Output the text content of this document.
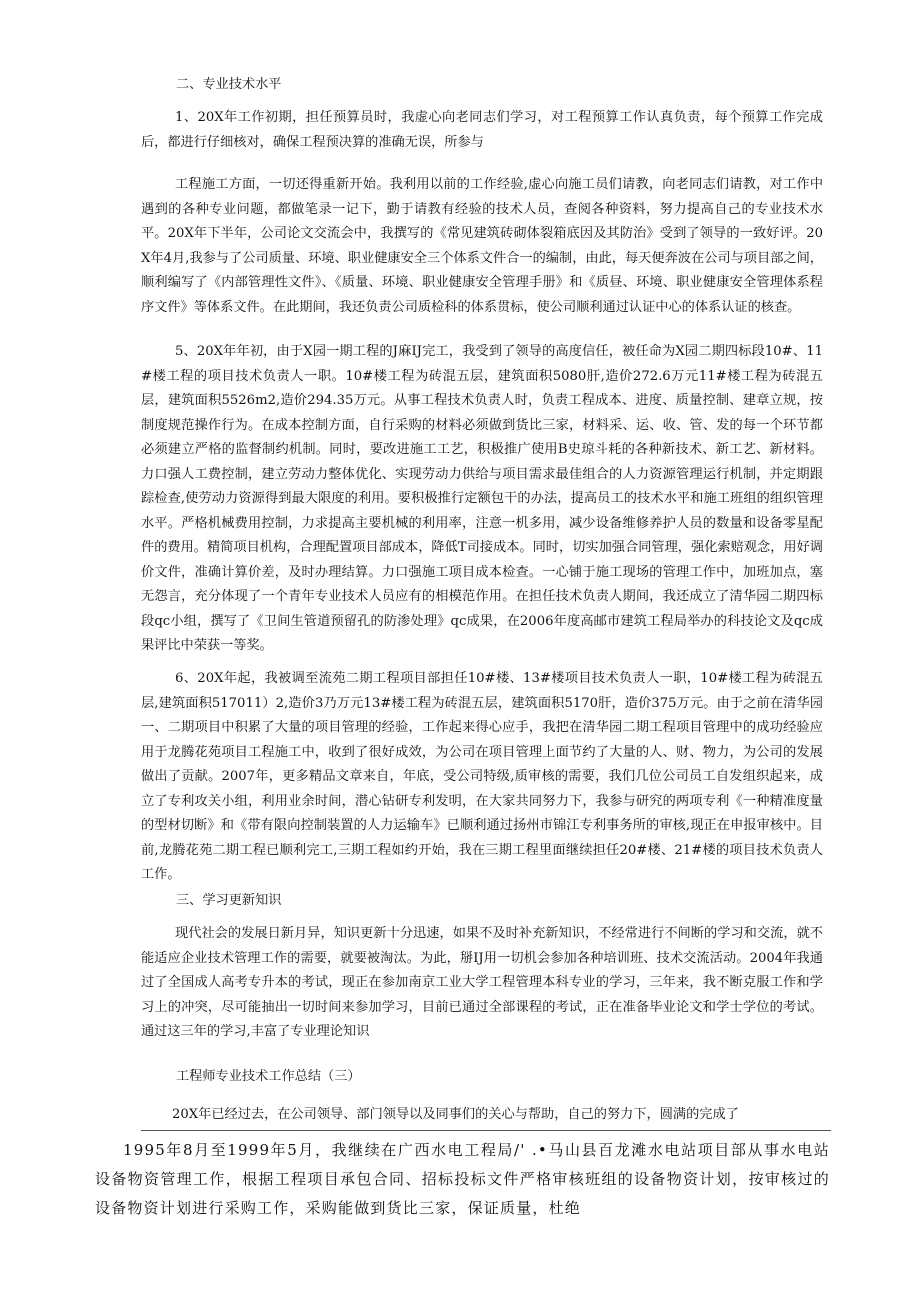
二、专业技术水平

1、20X年工作初期，担任预算员时，我虚心向老同志们学习，对工程预算工作认真负责，每个预算工作完成后，都进行仔细核对，确保工程预决算的准确无误，所参与

工程施工方面，一切还得重新开始。我利用以前的工作经验,虚心向施工员们请教，向老同志们请教，对工作中遇到的各种专业问题，都做笔录一记下，勤于请教有经验的技术人员，查阅各种资料，努力提高自己的专业技术水平。20X年下半年，公司论文交流会中，我撰写的《常见建筑砖砌体裂箱底因及其防治》受到了领导的一致好评。20X年4月,我参与了公司质量、环境、职业健康安全三个体系文件合一的编制，由此，每天便奔波在公司与项目部之间，顺利编写了《内部管理性文件》、《质量、环境、职业健康安全管理手册》和《质昼、环境、职业健康安全管理体系程序文件》等体系文件。在此期间，我还负责公司质检科的体系贯标，使公司顺利通过认证中心的体系认证的核查。

5、20X年年初，由于X园一期工程的J麻IJ完工，我受到了领导的高度信任，被任命为X园二期四标段10#、11#楼工程的项目技术负责人一职。10#楼工程为砖混五层，建筑面积5080肝,造价272.6万元11#楼工程为砖混五层，建筑面积5526m2,造价294.35万元。从事工程技术负责人时，负责工程成本、进度、质量控制、建章立规，按制度规范操作行为。在成本控制方面，自行采购的材料必须做到货比三家，材料采、运、收、管、发的每一个环节都必须建立严格的监督制约机制。同时，要改进施工工艺，积极推广使用B史琼斗耗的各种新技术、新工艺、新材料。力口强人工费控制，建立劳动力整体优化、实现劳动力供给与项目需求最佳组合的人力资源管理运行机制，并定期跟踪检查,使劳动力资源得到最大限度的利用。要积极推行定额包干的办法，提高员工的技术水平和施工班组的组织管理水平。严格机械费用控制，力求提高主要机械的利用率，注意一机多用，减少设备维修养护人员的数量和设备零星配件的费用。精简项目机构，合理配置项目部成本，降低T司接成本。同时，切实加强合同管理，强化索赔观念，用好调价文件，准确计算价差，及时办理结算。力口强施工项目成本检查。一心铺于施工现场的管理工作中，加班加点，塞无怨言，充分体现了一个青年专业技术人员应有的相模范作用。在担任技术负责人期间，我还成立了清华园二期四标段qc小组，撰写了《卫间生管道预留孔的防渗处理》qc成果，在2006年度高邮市建筑工程局举办的科技论文及qc成果评比中荣获一等奖。

6、20X年起，我被调至流苑二期工程项目部担任10#楼、13#楼项目技术负责人一职，10#楼工程为砖混五层,建筑面积517011）2,造价3乃万元13#楼工程为砖混五层，建筑面积5170肝，造价375万元。由于之前在清华园一、二期项目中积累了大量的项目管理的经验，工作起来得心应手，我把在清华园二期工程项目管理中的成功经验应用于龙腾花苑项目工程施工中，收到了很好成效，为公司在项目管理上面节约了大量的人、财、物力，为公司的发展做出了贡献。2007年，更多精品文章来自，年底，受公司特级,质审核的需要，我们几位公司员工自发组织起来，成立了专利攻关小组，利用业余时间，潜心钻研专利发明，在大家共同努力下，我参与研究的两项专利《一种精准度量的型材切断》和《带有限向控制装置的人力运输车》已顺利通过扬州市锦江专利事务所的审核,现正在申报审核中。目前,龙腾花苑二期工程已顺利完工,三期工程如约开始，我在三期工程里面继续担任20#楼、21#楼的项目技术负责人工作。

三、学习更新知识

现代社会的发展日新月异，知识更新十分迅速，如果不及时补充新知识，不经常进行不间断的学习和交流，就不能适应企业技术管理工作的需要，就要被淘汰。为此，掰IJ用一切机会参加各种培训班、技术交流活动。2004年我通过了全国成人高考专升本的考试，现正在参加南京工业大学工程管理本科专业的学习，三年来，我不断克服工作和学习上的冲突，尽可能抽出一切时间来参加学习，目前已通过全部课程的考试，正在准备毕业论文和学士学位的考试。通过这三年的学习,丰富了专业理论知识

工程师专业技术工作总结（三）
20X年已经过去，在公司领导、部门领导以及同事们的关心与帮助，自己的努力下，圆满的完成了

1995年8月至1999年5月，我继续在广西水电工程局/' .•马山县百龙滩水电站项目部从事水电站设备物资管理工作，根据工程项目承包合同、招标投标文件严格审核班组的设备物资计划，按审核过的设备物资计划进行采购工作，采购能做到货比三家，保证质量，杜绝
